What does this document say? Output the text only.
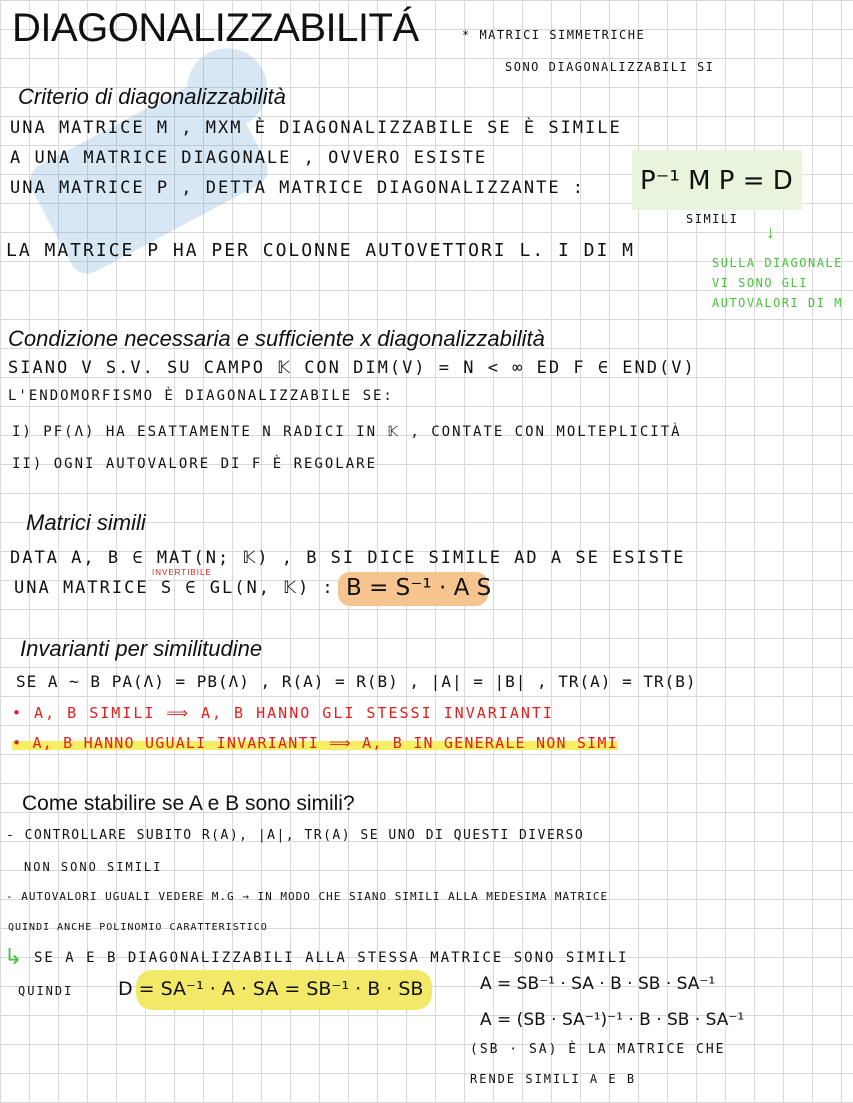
DIAGONALIZZABILITÁ	* MATRICI SIMMETRICHE
SONO DIAGONALIZZABILI SI
Criterio di diagonalizzabilità
UNA MATRICE M , MXM È DIAGONALIZZABILE SE È SIMILE
A UNA MATRICE DIAGONALE , OVVERO ESISTE
UNA MATRICE P , DETTA MATRICE DIAGONALIZZANTE : P⁻¹ M P = D
SIMILI
↓
LA MATRICE P HA PER COLONNE AUTOVETTORI L. I DI M
SULLA DIAGONALE
VI SONO GLI
AUTOVALORI DI M
Condizione necessaria e sufficiente x diagonalizzabilità
SIANO V S.V. SU CAMPO 𝕂 CON DIM(V) = N < ∞ ED F ∈ END(V)
L'ENDOMORFISMO È DIAGONALIZZABILE SE:
I) PF(Λ) HA ESATTAMENTE N RADICI IN 𝕂 , CONTATE CON MOLTEPLICITÀ
II) OGNI AUTOVALORE DI F È REGOLARE
Matrici simili
DATA A, B ∈ MAT(N; 𝕂) , B SI DICE SIMILE AD A SE ESISTE
UNA MATRICE S ∈ GL(N, 𝕂) :
INVERTIBILE
B = S⁻¹ · A S
Invarianti per similitudine
SE A ~ B PA(Λ) = PB(Λ) , R(A) = R(B) , |A| = |B| , TR(A) = TR(B)
• A, B SIMILI ⟹ A, B HANNO GLI STESSI INVARIANTI
• A, B HANNO UGUALI INVARIANTI ⟹ A, B IN GENERALE NON SIMI
Come stabilire se A e B sono simili?
- CONTROLLARE SUBITO R(A), |A|, TR(A) SE UNO DI QUESTI DIVERSO
NON SONO SIMILI
- AUTOVALORI UGUALI VEDERE M.G → IN MODO CHE SIANO SIMILI ALLA MEDESIMA MATRICE
QUINDI ANCHE POLINOMIO CARATTERISTICO
↳ SE A E B DIAGONALIZZABILI ALLA STESSA MATRICE SONO SIMILI
QUINDI D = SA⁻¹ · A · SA = SB⁻¹ · B · SB	A = SB⁻¹ · SA · B · SB · SA⁻¹
A = (SB · SA⁻¹)⁻¹ · B · SB · SA⁻¹
(SB · SA) È LA MATRICE CHE
RENDE SIMILI A E B
